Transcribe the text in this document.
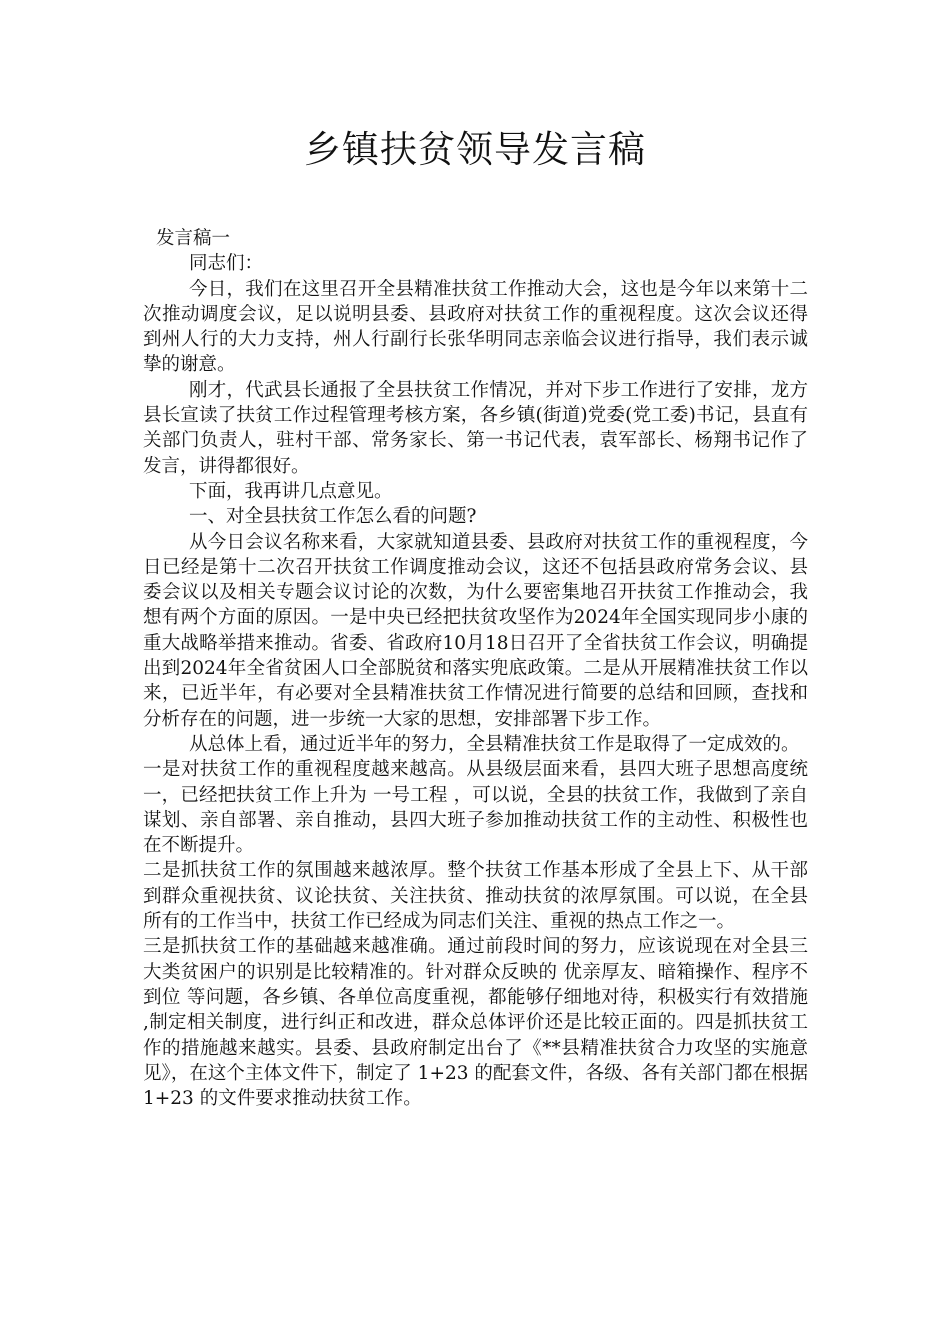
乡镇扶贫领导发言稿

发言稿一

同志们：

今日，我们在这里召开全县精准扶贫工作推动大会，这也是今年以来第十二次推动调度会议，足以说明县委、县政府对扶贫工作的重视程度。这次会议还得到州人行的大力支持，州人行副行长张华明同志亲临会议进行指导，我们表示诚挚的谢意。

刚才，代武县长通报了全县扶贫工作情况，并对下步工作进行了安排，龙方县长宣读了扶贫工作过程管理考核方案，各乡镇(街道)党委(党工委)书记，县直有关部门负责人，驻村干部、常务家长、第一书记代表，袁军部长、杨翔书记作了发言，讲得都很好。

下面，我再讲几点意见。

一、对全县扶贫工作怎么看的问题?

从今日会议名称来看，大家就知道县委、县政府对扶贫工作的重视程度，今日已经是第十二次召开扶贫工作调度推动会议，这还不包括县政府常务会议、县委会议以及相关专题会议讨论的次数，为什么要密集地召开扶贫工作推动会，我想有两个方面的原因。一是中央已经把扶贫攻坚作为2024年全国实现同步小康的重大战略举措来推动。省委、省政府10月18日召开了全省扶贫工作会议，明确提出到2024年全省贫困人口全部脱贫和落实兜底政策。二是从开展精准扶贫工作以来，已近半年，有必要对全县精准扶贫工作情况进行简要的总结和回顾，查找和分析存在的问题，进一步统一大家的思想，安排部署下步工作。

从总体上看，通过近半年的努力，全县精准扶贫工作是取得了一定成效的。

一是对扶贫工作的重视程度越来越高。从县级层面来看，县四大班子思想高度统一，已经把扶贫工作上升为 一号工程 ，可以说，全县的扶贫工作，我做到了亲自谋划、亲自部署、亲自推动，县四大班子参加推动扶贫工作的主动性、积极性也在不断提升。

二是抓扶贫工作的氛围越来越浓厚。整个扶贫工作基本形成了全县上下、从干部到群众重视扶贫、议论扶贫、关注扶贫、推动扶贫的浓厚氛围。可以说，在全县所有的工作当中，扶贫工作已经成为同志们关注、重视的热点工作之一。

三是抓扶贫工作的基础越来越准确。通过前段时间的努力，应该说现在对全县三大类贫困户的识别是比较精准的。针对群众反映的 优亲厚友、暗箱操作、程序不到位 等问题，各乡镇、各单位高度重视，都能够仔细地对待，积极实行有效措施 ,制定相关制度，进行纠正和改进，群众总体评价还是比较正面的。四是抓扶贫工作的措施越来越实。县委、县政府制定出台了《**县精准扶贫合力攻坚的实施意见》，在这个主体文件下，制定了 1+23 的配套文件，各级、各有关部门都在根据 1+23 的文件要求推动扶贫工作。
